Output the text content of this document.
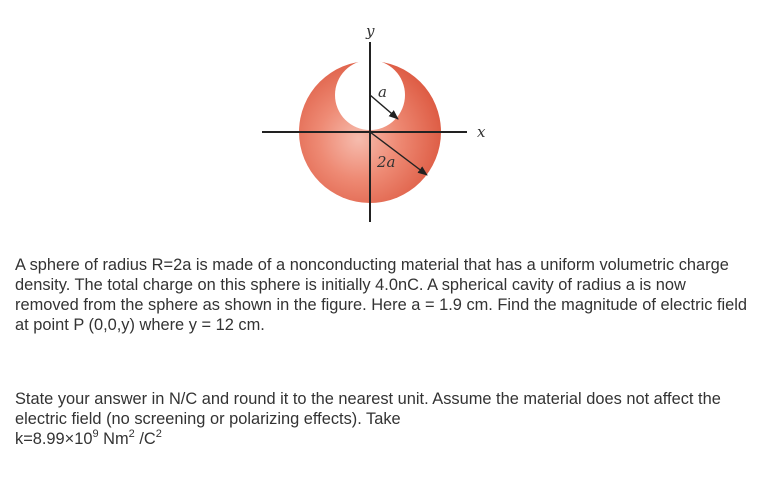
y
x
a
2a

A sphere of radius R=2a is made of a nonconducting material that has a uniform volumetric charge density. The total charge on this sphere is initially 4.0nC. A spherical cavity of radius a is now removed from the sphere as shown in the figure. Here a = 1.9 cm. Find the magnitude of electric field at point P (0,0,y) where y = 12 cm.

State your answer in N/C and round it to the nearest unit. Assume the material does not affect the electric field (no screening or polarizing effects). Take
$k=8.99\times 10^9$ Nm$^2$ $/C^2$
